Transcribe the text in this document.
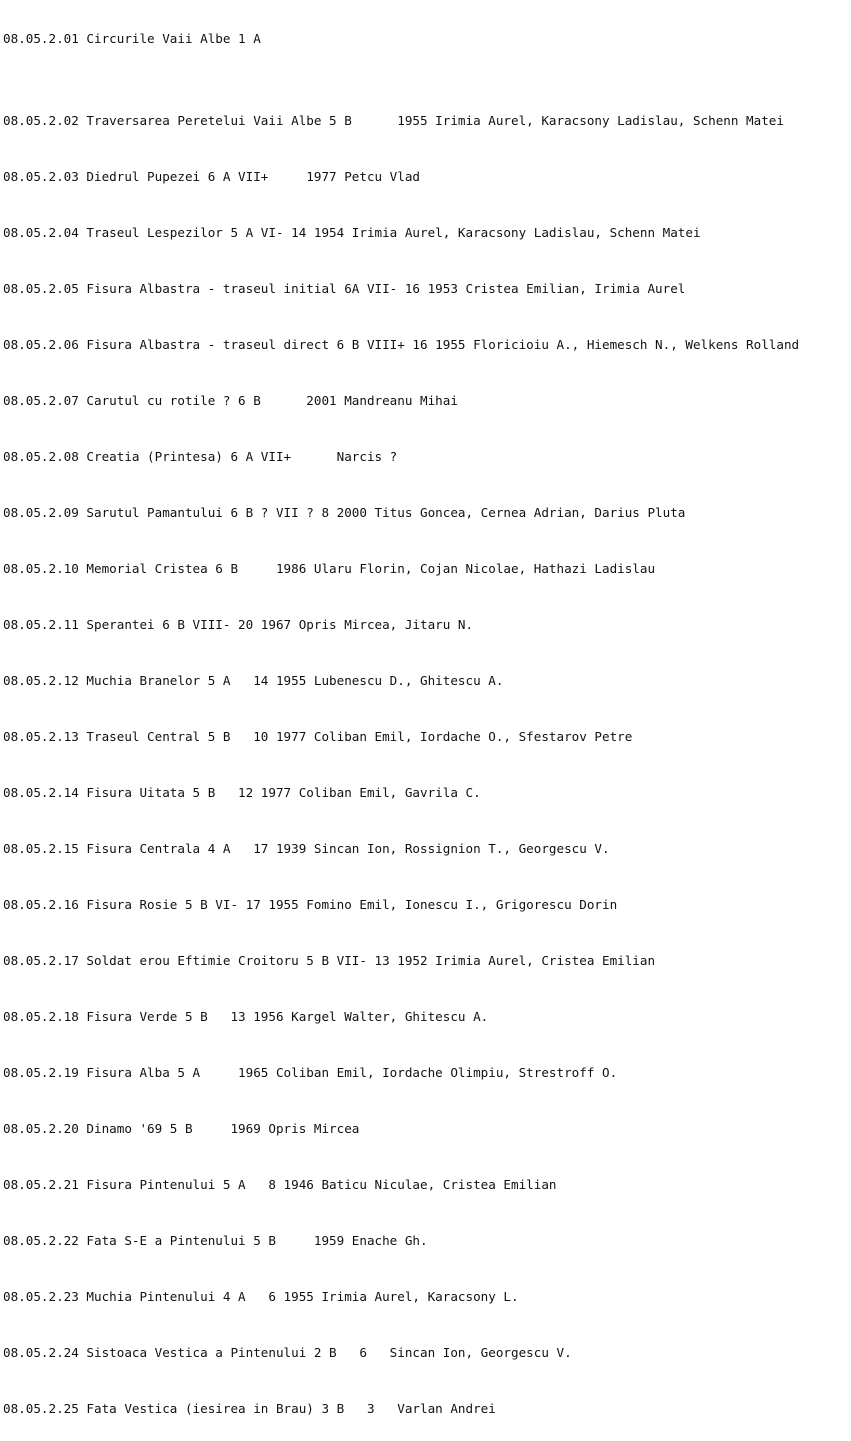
08.05.2.01 Circurile Vaii Albe 1 A

08.05.2.02 Traversarea Peretelui Vaii Albe 5 B      1955 Irimia Aurel, Karacsony Ladislau, Schenn Matei

08.05.2.03 Diedrul Pupezei 6 A VII+     1977 Petcu Vlad

08.05.2.04 Traseul Lespezilor 5 A VI- 14 1954 Irimia Aurel, Karacsony Ladislau, Schenn Matei

08.05.2.05 Fisura Albastra - traseul initial 6A VII- 16 1953 Cristea Emilian, Irimia Aurel

08.05.2.06 Fisura Albastra - traseul direct 6 B VIII+ 16 1955 Floricioiu A., Hiemesch N., Welkens Rolland

08.05.2.07 Carutul cu rotile ? 6 B      2001 Mandreanu Mihai

08.05.2.08 Creatia (Printesa) 6 A VII+      Narcis ?

08.05.2.09 Sarutul Pamantului 6 B ? VII ? 8 2000 Titus Goncea, Cernea Adrian, Darius Pluta

08.05.2.10 Memorial Cristea 6 B     1986 Ularu Florin, Cojan Nicolae, Hathazi Ladislau

08.05.2.11 Sperantei 6 B VIII- 20 1967 Opris Mircea, Jitaru N.

08.05.2.12 Muchia Branelor 5 A   14 1955 Lubenescu D., Ghitescu A.

08.05.2.13 Traseul Central 5 B   10 1977 Coliban Emil, Iordache O., Sfestarov Petre

08.05.2.14 Fisura Uitata 5 B   12 1977 Coliban Emil, Gavrila C.

08.05.2.15 Fisura Centrala 4 A   17 1939 Sincan Ion, Rossignion T., Georgescu V.

08.05.2.16 Fisura Rosie 5 B VI- 17 1955 Fomino Emil, Ionescu I., Grigorescu Dorin

08.05.2.17 Soldat erou Eftimie Croitoru 5 B VII- 13 1952 Irimia Aurel, Cristea Emilian

08.05.2.18 Fisura Verde 5 B   13 1956 Kargel Walter, Ghitescu A.

08.05.2.19 Fisura Alba 5 A     1965 Coliban Emil, Iordache Olimpiu, Strestroff O.

08.05.2.20 Dinamo '69 5 B     1969 Opris Mircea

08.05.2.21 Fisura Pintenului 5 A   8 1946 Baticu Niculae, Cristea Emilian

08.05.2.22 Fata S-E a Pintenului 5 B     1959 Enache Gh.

08.05.2.23 Muchia Pintenului 4 A   6 1955 Irimia Aurel, Karacsony L.

08.05.2.24 Sistoaca Vestica a Pintenului 2 B   6   Sincan Ion, Georgescu V.

08.05.2.25 Fata Vestica (iesirea in Brau) 3 B   3   Varlan Andrei
